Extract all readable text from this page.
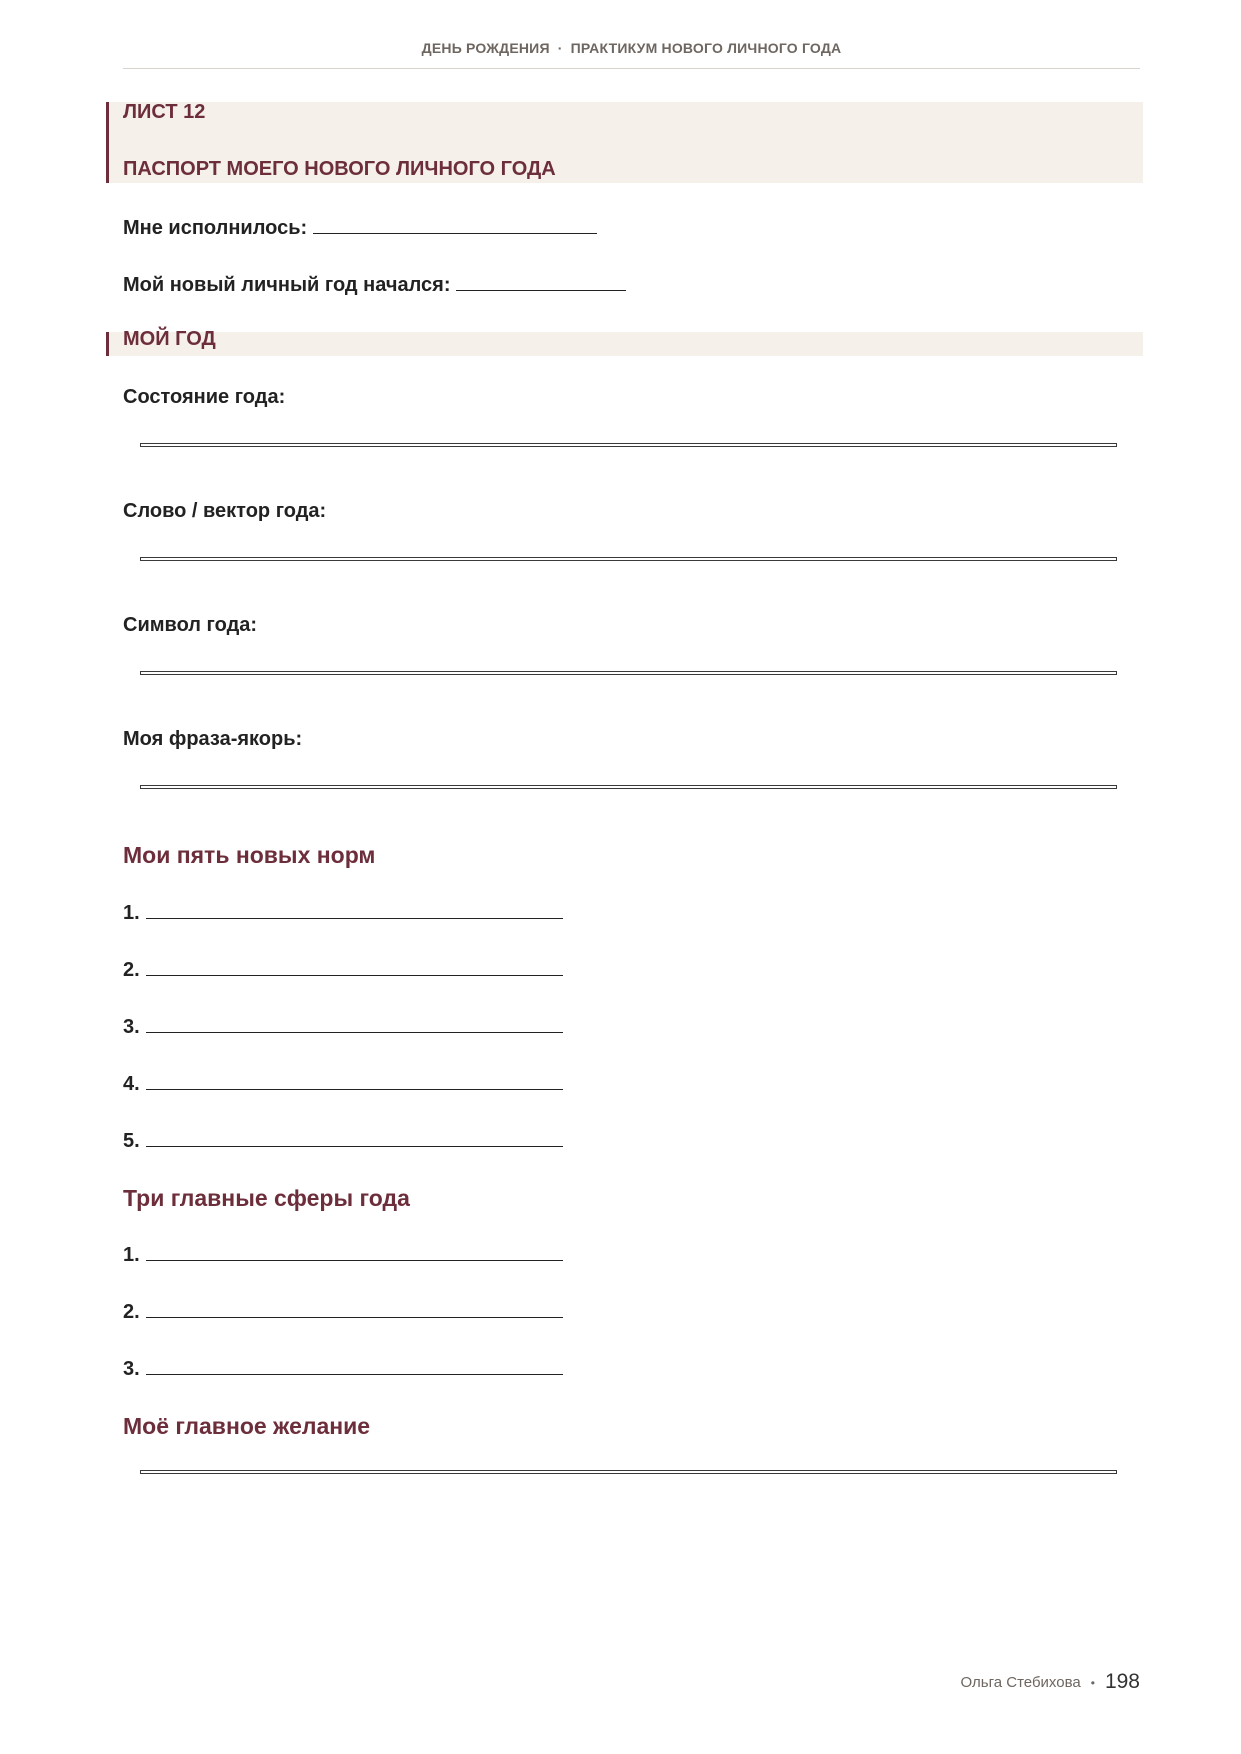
ДЕНЬ РОЖДЕНИЯ · ПРАКТИКУМ НОВОГО ЛИЧНОГО ГОДА
ЛИСТ 12
ПАСПОРТ МОЕГО НОВОГО ЛИЧНОГО ГОДА
Мне исполнилось:
Мой новый личный год начался:
МОЙ ГОД
Состояние года:
Слово / вектор года:
Символ года:
Моя фраза-якорь:
Мои пять новых норм
1.
2.
3.
4.
5.
Три главные сферы года
1.
2.
3.
Моё главное желание
Ольга Стебихова • 198
